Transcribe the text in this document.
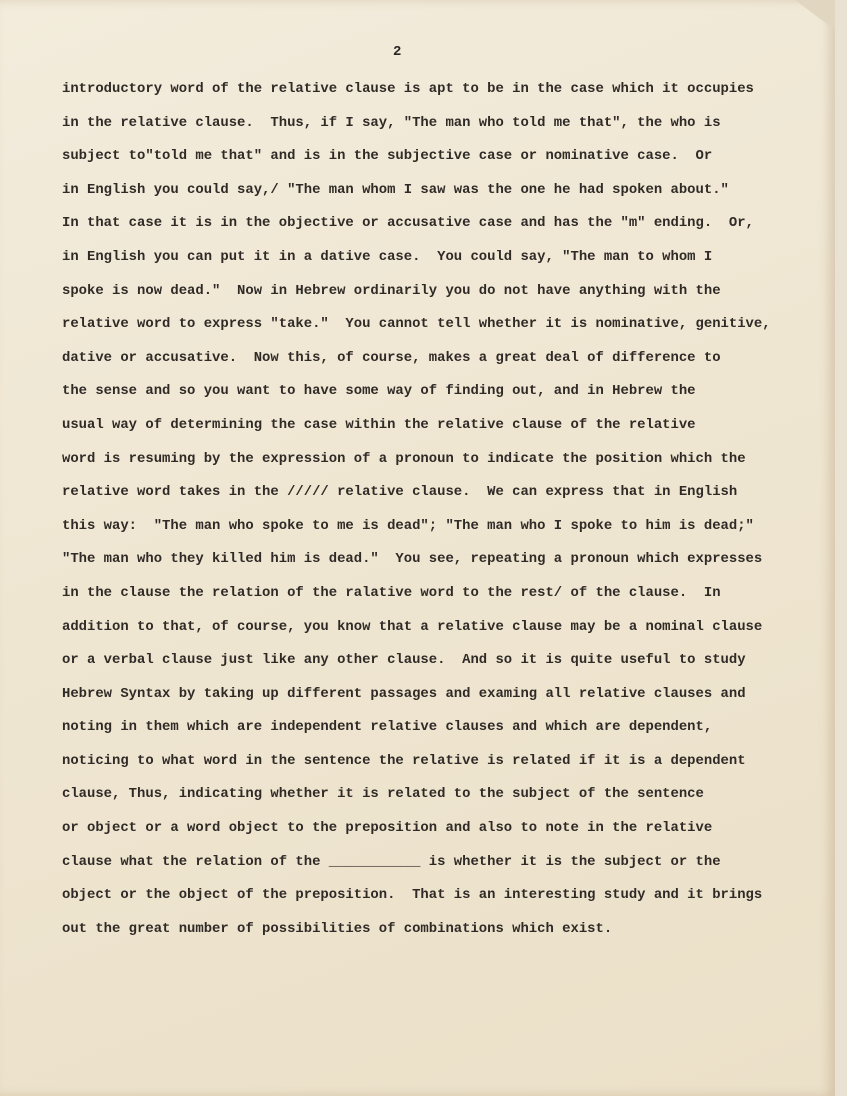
2
introductory word of the relative clause is apt to be in the case which it occupies
in the relative clause.  Thus, if I say, "The man who told me that", the who is
subject to"told me that" and is in the subjective case or nominative case.  Or
in English you could say,/ "The man whom I saw was the one he had spoken about."
In that case it is in the objective or accusative case and has the "m" ending.  Or,
in English you can put it in a dative case.  You could say, "The man to whom I
spoke is now dead."  Now in Hebrew ordinarily you do not have anything with the
relative word to express "take."  You cannot tell whether it is nominative, genitive,
dative or accusative.  Now this, of course, makes a great deal of difference to
the sense and so you want to have some way of finding out, and in Hebrew the
usual way of determining the case within the relative clause of the relative
word is resuming by the expression of a pronoun to indicate the position which the
relative word takes in the ///// relative clause.  We can express that in English
this way:  "The man who spoke to me is dead"; "The man who I spoke to him is dead;"
"The man who they killed him is dead."  You see, repeating a pronoun which expresses
in the clause the relation of the ralative word to the rest/ of the clause.  In
addition to that, of course, you know that a relative clause may be a nominal clause
or a verbal clause just like any other clause.  And so it is quite useful to study
Hebrew Syntax by taking up different passages and examing all relative clauses and
noting in them which are independent relative clauses and which are dependent,
noticing to what word in the sentence the relative is related if it is a dependent
clause, Thus, indicating whether it is related to the subject of the sentence
or object or a word object to the preposition and also to note in the relative
clause what the relation of the ___________ is whether it is the subject or the
object or the object of the preposition.  That is an interesting study and it brings
out the great number of possibilities of combinations which exist.
